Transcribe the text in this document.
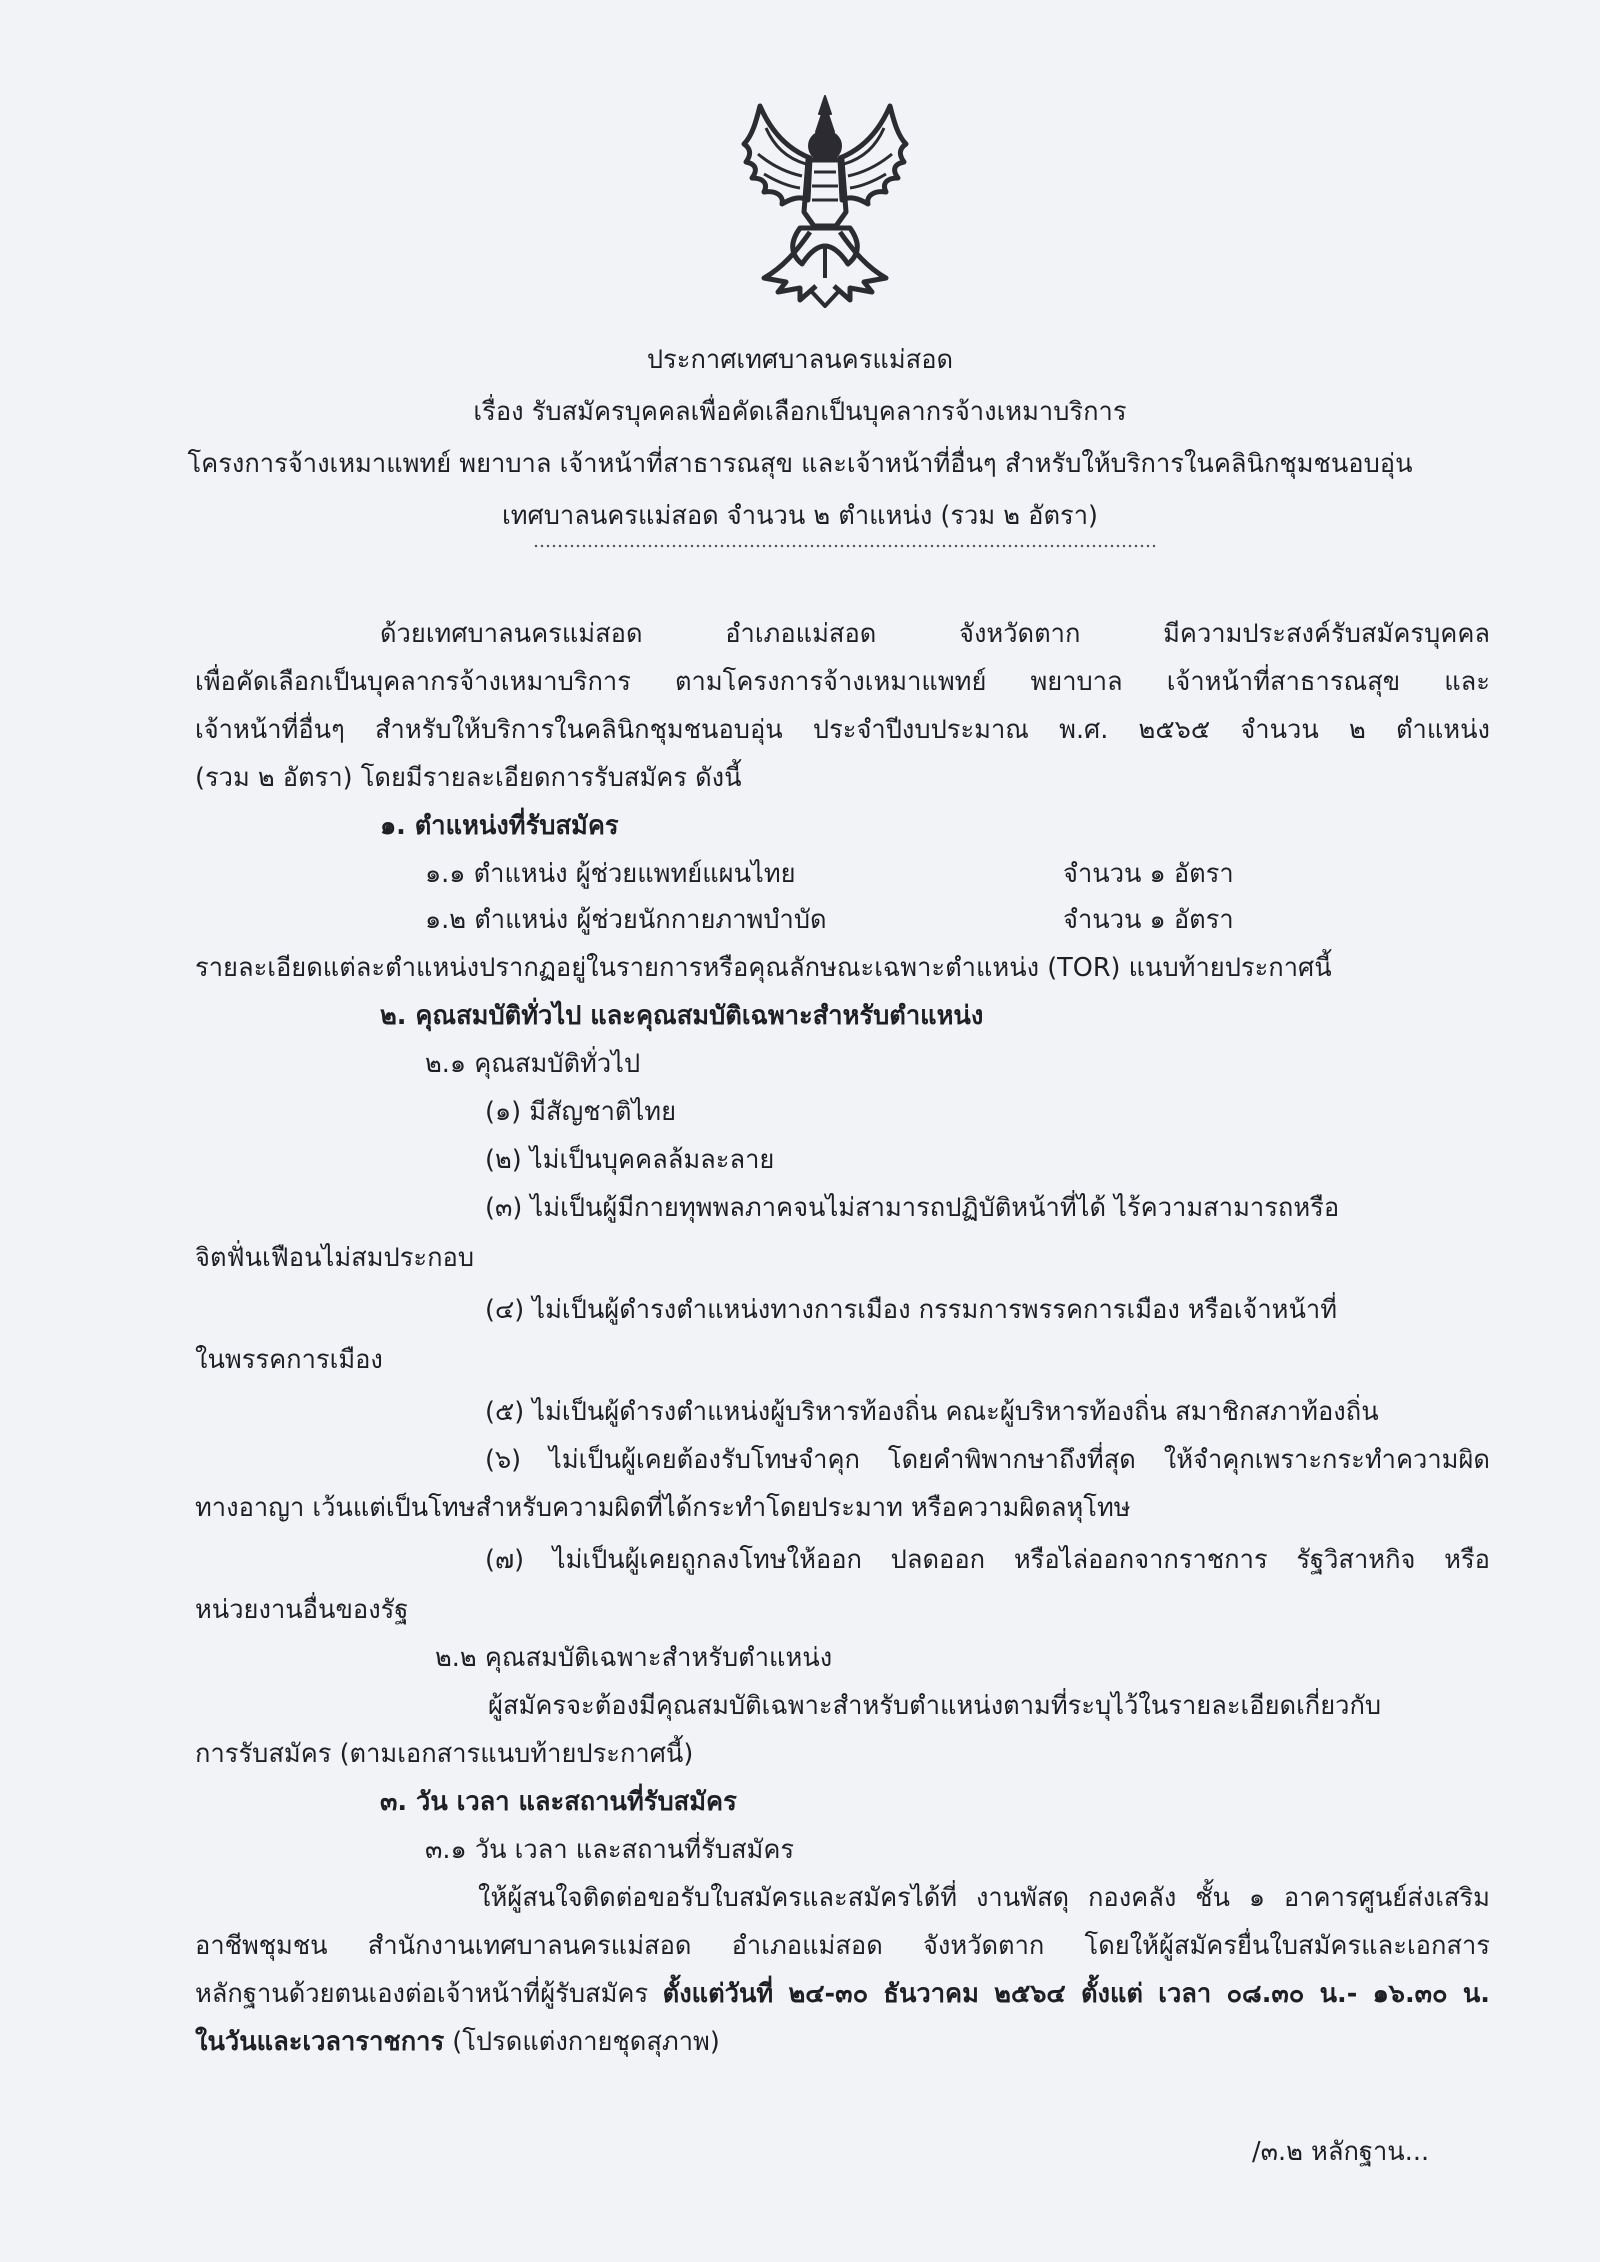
ประกาศเทศบาลนครแม่สอด
เรื่อง รับสมัครบุคคลเพื่อคัดเลือกเป็นบุคลากรจ้างเหมาบริการ
โครงการจ้างเหมาแพทย์ พยาบาล เจ้าหน้าที่สาธารณสุข และเจ้าหน้าที่อื่นๆ สำหรับให้บริการในคลินิกชุมชนอบอุ่น
เทศบาลนครแม่สอด จำนวน ๒ ตำแหน่ง (รวม ๒ อัตรา)
ด้วยเทศบาลนครแม่สอด อำเภอแม่สอด จังหวัดตาก มีความประสงค์รับสมัครบุคคล
เพื่อคัดเลือกเป็นบุคลากรจ้างเหมาบริการ ตามโครงการจ้างเหมาแพทย์ พยาบาล เจ้าหน้าที่สาธารณสุข และ
เจ้าหน้าที่อื่นๆ สำหรับให้บริการในคลินิกชุมชนอบอุ่น ประจำปีงบประมาณ พ.ศ. ๒๕๖๕ จำนวน ๒ ตำแหน่ง
(รวม ๒ อัตรา) โดยมีรายละเอียดการรับสมัคร ดังนี้
๑. ตำแหน่งที่รับสมัคร
๑.๑ ตำแหน่ง ผู้ช่วยแพทย์แผนไทย	จำนวน ๑ อัตรา
๑.๒ ตำแหน่ง ผู้ช่วยนักกายภาพบำบัด	จำนวน ๑ อัตรา
รายละเอียดแต่ละตำแหน่งปรากฏอยู่ในรายการหรือคุณลักษณะเฉพาะตำแหน่ง (TOR) แนบท้ายประกาศนี้
๒. คุณสมบัติทั่วไป และคุณสมบัติเฉพาะสำหรับตำแหน่ง
๒.๑ คุณสมบัติทั่วไป
(๑) มีสัญชาติไทย
(๒) ไม่เป็นบุคคลล้มละลาย
(๓) ไม่เป็นผู้มีกายทุพพลภาคจนไม่สามารถปฏิบัติหน้าที่ได้ ไร้ความสามารถหรือ
จิตฟั่นเฟือนไม่สมประกอบ
(๔) ไม่เป็นผู้ดำรงตำแหน่งทางการเมือง กรรมการพรรคการเมือง หรือเจ้าหน้าที่
ในพรรคการเมือง
(๕) ไม่เป็นผู้ดำรงตำแหน่งผู้บริหารท้องถิ่น คณะผู้บริหารท้องถิ่น สมาชิกสภาท้องถิ่น
(๖) ไม่เป็นผู้เคยต้องรับโทษจำคุก โดยคำพิพากษาถึงที่สุด ให้จำคุกเพราะกระทำความผิด
ทางอาญา เว้นแต่เป็นโทษสำหรับความผิดที่ได้กระทำโดยประมาท หรือความผิดลหุโทษ
(๗) ไม่เป็นผู้เคยถูกลงโทษให้ออก ปลดออก หรือไล่ออกจากราชการ รัฐวิสาหกิจ หรือ
หน่วยงานอื่นของรัฐ
๒.๒ คุณสมบัติเฉพาะสำหรับตำแหน่ง
ผู้สมัครจะต้องมีคุณสมบัติเฉพาะสำหรับตำแหน่งตามที่ระบุไว้ในรายละเอียดเกี่ยวกับ
การรับสมัคร (ตามเอกสารแนบท้ายประกาศนี้)
๓. วัน เวลา และสถานที่รับสมัคร
๓.๑ วัน เวลา และสถานที่รับสมัคร
ให้ผู้สนใจติดต่อขอรับใบสมัครและสมัครได้ที่ งานพัสดุ กองคลัง ชั้น ๑ อาคารศูนย์ส่งเสริม
อาชีพชุมชน สำนักงานเทศบาลนครแม่สอด อำเภอแม่สอด จังหวัดตาก โดยให้ผู้สมัครยื่นใบสมัครและเอกสาร
หลักฐานด้วยตนเองต่อเจ้าหน้าที่ผู้รับสมัคร ตั้งแต่วันที่ ๒๔-๓๐ ธันวาคม ๒๕๖๔ ตั้งแต่ เวลา ๐๘.๓๐ น.- ๑๖.๓๐ น.
ในวันและเวลาราชการ (โปรดแต่งกายชุดสุภาพ)
/๓.๒ หลักฐาน...
